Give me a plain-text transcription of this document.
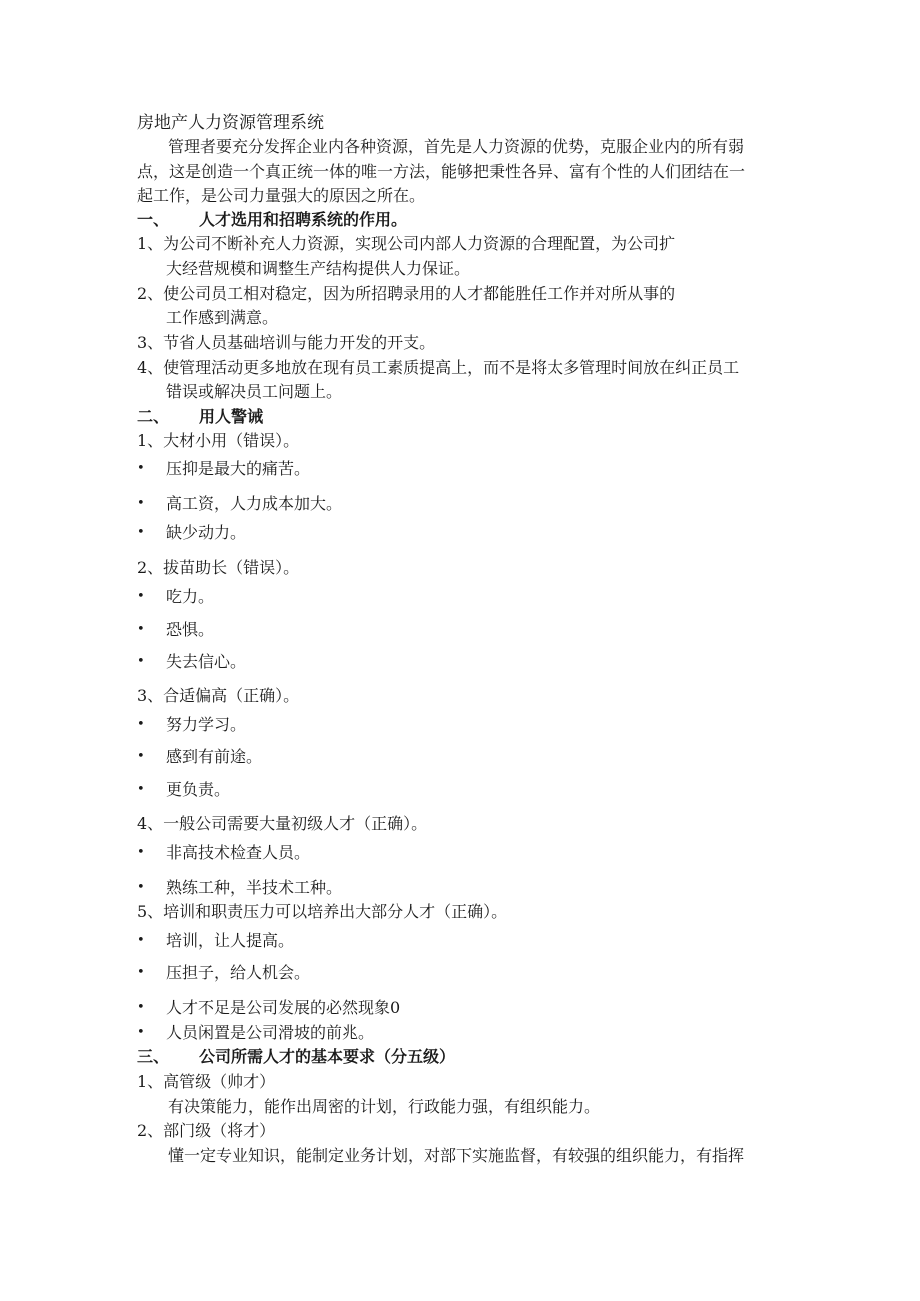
房地产人力资源管理系统
管理者要充分发挥企业内各种资源，首先是人力资源的优势，克服企业内的所有弱
点，这是创造一个真正统一体的唯一方法，能够把秉性各异、富有个性的人们团结在一
起工作，是公司力量强大的原因之所在。
一、 人才选用和招聘系统的作用。
1、为公司不断补充人力资源，实现公司内部人力资源的合理配置，为公司扩
大经营规模和调整生产结构提供人力保证。
2、使公司员工相对稳定，因为所招聘录用的人才都能胜任工作并对所从事的
工作感到满意。
3、节省人员基础培训与能力开发的开支。
4、使管理活动更多地放在现有员工素质提高上，而不是将太多管理时间放在纠正员工
错误或解决员工问题上。
二、 用人警诫
1、大材小用（错误）。
• 压抑是最大的痛苦。
• 高工资，人力成本加大。
• 缺少动力。
2、拔苗助长（错误）。
• 吃力。
• 恐惧。
• 失去信心。
3、合适偏高（正确）。
• 努力学习。
• 感到有前途。
• 更负责。
4、一般公司需要大量初级人才（正确）。
• 非高技术检查人员。
• 熟练工种，半技术工种。
5、培训和职责压力可以培养出大部分人才（正确）。
• 培训，让人提高。
• 压担子，给人机会。
• 人才不足是公司发展的必然现象0
• 人员闲置是公司滑坡的前兆。
三、 公司所需人才的基本要求（分五级）
1、高管级（帅才）
有决策能力，能作出周密的计划，行政能力强，有组织能力。
2、部门级（将才）
懂一定专业知识，能制定业务计划，对部下实施监督，有较强的组织能力，有指挥
